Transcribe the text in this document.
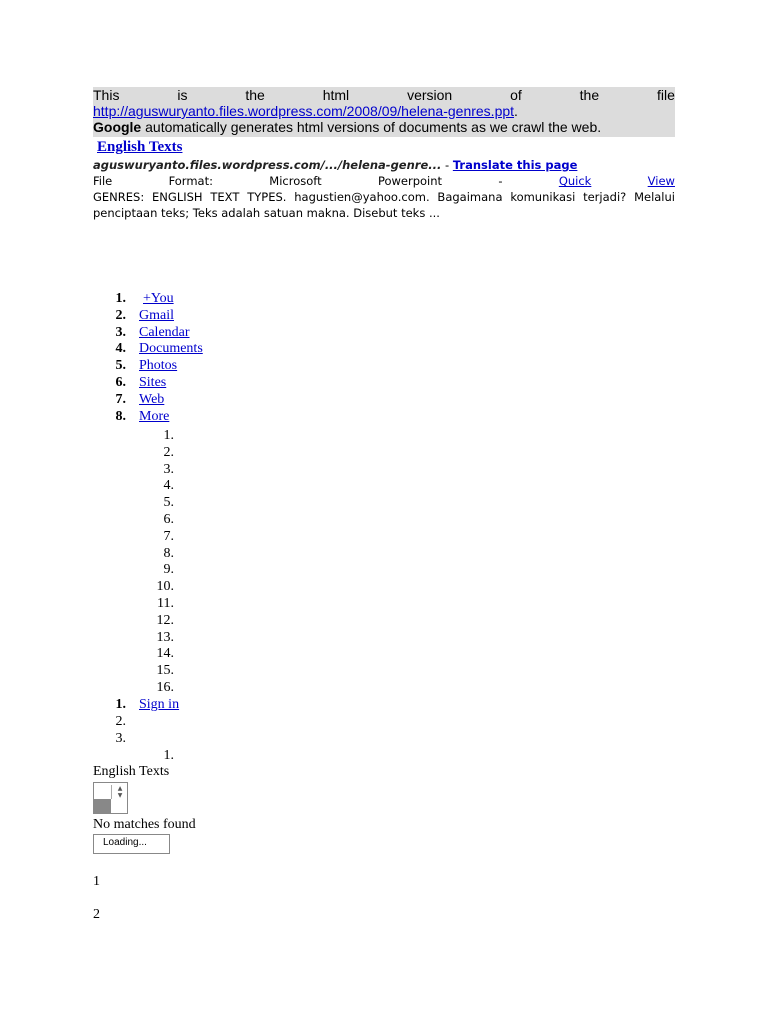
This	is	the	html	version	of	the	file
http://aguswuryanto.files.wordpress.com/2008/09/helena-genres.ppt.
Google automatically generates html versions of documents as we crawl the web.
English Texts
aguswuryanto.files.wordpress.com/.../helena-genre... - Translate this page
File	Format:	Microsoft	Powerpoint	-	Quick	View
GENRES: ENGLISH TEXT TYPES. hagustien@yahoo.com. Bagaimana komunikasi terjadi? Melalui penciptaan teks; Teks adalah satuan makna. Disebut teks ...
1. +You
2. Gmail
3. Calendar
4. Documents
5. Photos
6. Sites
7. Web
8. More
1.
2.
3.
4.
5.
6.
7.
8.
9.
10.
11.
12.
13.
14.
15.
16.
1. Sign in
2.
3.
1.
English Texts
▲
▼
No matches found
Loading...
1
2
